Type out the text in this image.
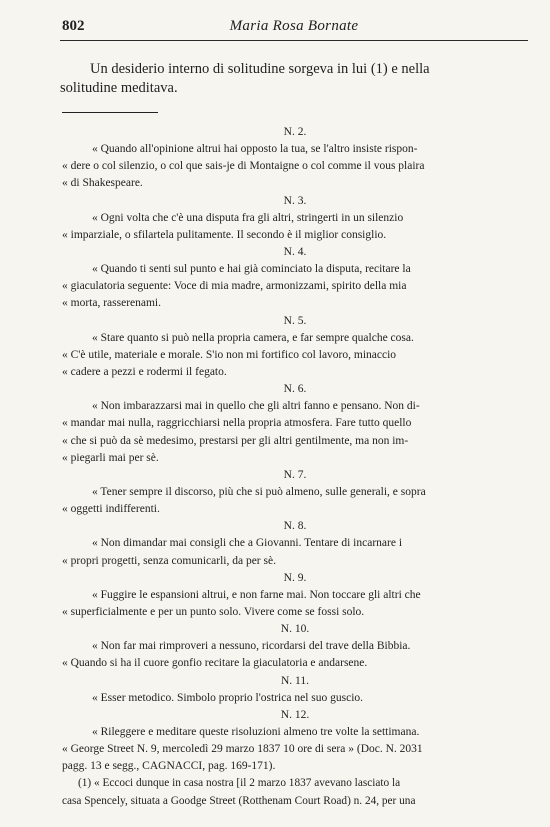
802	Maria Rosa Bornate
Un desiderio interno di solitudine sorgeva in lui (1) e nella
solitudine meditava.
N. 2.

« Quando all'opinione altrui hai opposto la tua, se l'altro insiste rispon-

« dere o col silenzio, o col que sais-je di Montaigne o col comme il vous plaira

« di Shakespeare.

N. 3.

« Ogni volta che c'è una disputa fra gli altri, stringerti in un silenzio

« imparziale, o sfilartela pulitamente. Il secondo è il miglior consiglio.

N. 4.

« Quando ti senti sul punto e hai già cominciato la disputa, recitare la

« giaculatoria seguente: Voce di mia madre, armonizzami, spirito della mia

« morta, rasserenami.

N. 5.

« Stare quanto si può nella propria camera, e far sempre qualche cosa.

« C'è utile, materiale e morale. S'io non mi fortifico col lavoro, minaccio

« cadere a pezzi e rodermi il fegato.

N. 6.

« Non imbarazzarsi mai in quello che gli altri fanno e pensano. Non di-

« mandar mai nulla, raggricchiarsi nella propria atmosfera. Fare tutto quello

« che si può da sè medesimo, prestarsi per gli altri gentilmente, ma non im-

« piegarli mai per sè.

N. 7.

« Tener sempre il discorso, più che si può almeno, sulle generali, e sopra

« oggetti indifferenti.

N. 8.

« Non dimandar mai consigli che a Giovanni. Tentare di incarnare i

« propri progetti, senza comunicarli, da per sè.

N. 9.

« Fuggire le espansioni altrui, e non farne mai. Non toccare gli altri che

« superficialmente e per un punto solo. Vivere come se fossi solo.

N. 10.

« Non far mai rimproveri a nessuno, ricordarsi del trave della Bibbia.

« Quando si ha il cuore gonfio recitare la giaculatoria e andarsene.

N. 11.

« Esser metodico. Simbolo proprio l'ostrica nel suo guscio.

N. 12.

« Rileggere e meditare queste risoluzioni almeno tre volte la settimana.

« George Street N. 9, mercoledì 29 marzo 1837 10 ore di sera » (Doc. N. 2031

pagg. 13 e segg., CAGNACCI, pag. 169-171).

(1) « Eccoci dunque in casa nostra [il 2 marzo 1837 avevano lasciato la

casa Spencely, situata a Goodge Street (Rotthenam Court Road) n. 24, per una
